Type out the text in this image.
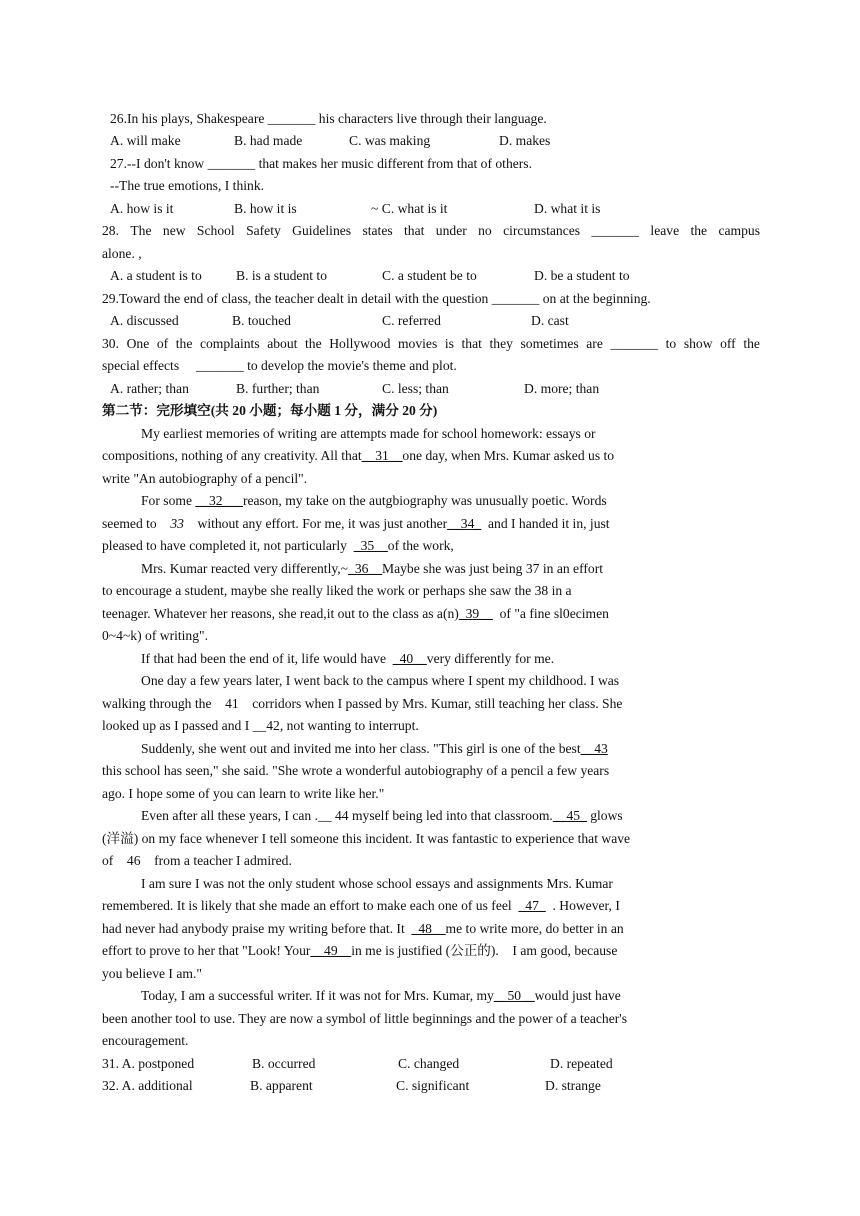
26.In his plays, Shakespeare _______ his characters live through their language.
A. will make	B. had made	C. was making	D. makes
27.--I don't know _______ that makes her music different from that of others.
--The true emotions, I think.
A. how is it	B. how it is	~ C. what is it	D. what it is
28. The new School Safety Guidelines states that under no circumstances _______ leave the campus
alone. ,
A. a student is to	B. is a student to	C. a student be to	D. be a student to
29.Toward the end of class, the teacher dealt in detail with the question _______ on at the beginning.
A. discussed	B. touched	C. referred	D. cast
30. One of the complaints about the Hollywood movies is that they sometimes are _______ to show off the
special effects     _______ to develop the movie's theme and plot.
A. rather; than	B. further; than	C. less; than	D. more; than
第二节：完形填空(共 20 小题；每小题 1 分，满分 20 分)
My earliest memories of writing are attempts made for school homework: essays or
compositions, nothing of any creativity. All that__31__one day, when Mrs. Kumar asked us to
write "An autobiography of a pencil".
For some __32___reason, my take on the autgbiography was unusually poetic. Words
seemed to    33    without any effort. For me, it was just another__34_  and I handed it in, just
pleased to have completed it, not particularly  _35__of the work,
Mrs. Kumar reacted very differently,~_36__Maybe she was just being 37 in an effort
to encourage a student, maybe she really liked the work or perhaps she saw the 38 in a
teenager. Whatever her reasons, she read,it out to the class as a(n)_39__  of "a fine sl0ecimen
0~4~k) of writing".
If that had been the end of it, life would have  _40__very differently for me.
One day a few years later, I went back to the campus where I spent my childhood. I was
walking through the    41    corridors when I passed by Mrs. Kumar, still teaching her class. She
looked up as I passed and I __42, not wanting to interrupt.
Suddenly, she went out and invited me into her class. "This girl is one of the best__43
this school has seen," she said. "She wrote a wonderful autobiography of a pencil a few years
ago. I hope some of you can learn to write like her."
Even after all these years, I can .__ 44 myself being led into that classroom.__45_ glows
(洋溢) on my face whenever I tell someone this incident. It was fantastic to experience that wave
of    46    from a teacher I admired.
I am sure I was not the only student whose school essays and assignments Mrs. Kumar
remembered. It is likely that she made an effort to make each one of us feel  _47_  . However, I
had never had anybody praise my writing before that. It  _48__me to write more, do better in an
effort to prove to her that "Look! Your__49__in me is justified (公正的).    I am good, because
you believe I am."
Today, I am a successful writer. If it was not for Mrs. Kumar, my__50__would just have
been another tool to use. They are now a symbol of little beginnings and the power of a teacher's
encouragement.
31. A. postponed	B. occurred	C. changed	D. repeated
32. A. additional	B. apparent	C. significant	D. strange
